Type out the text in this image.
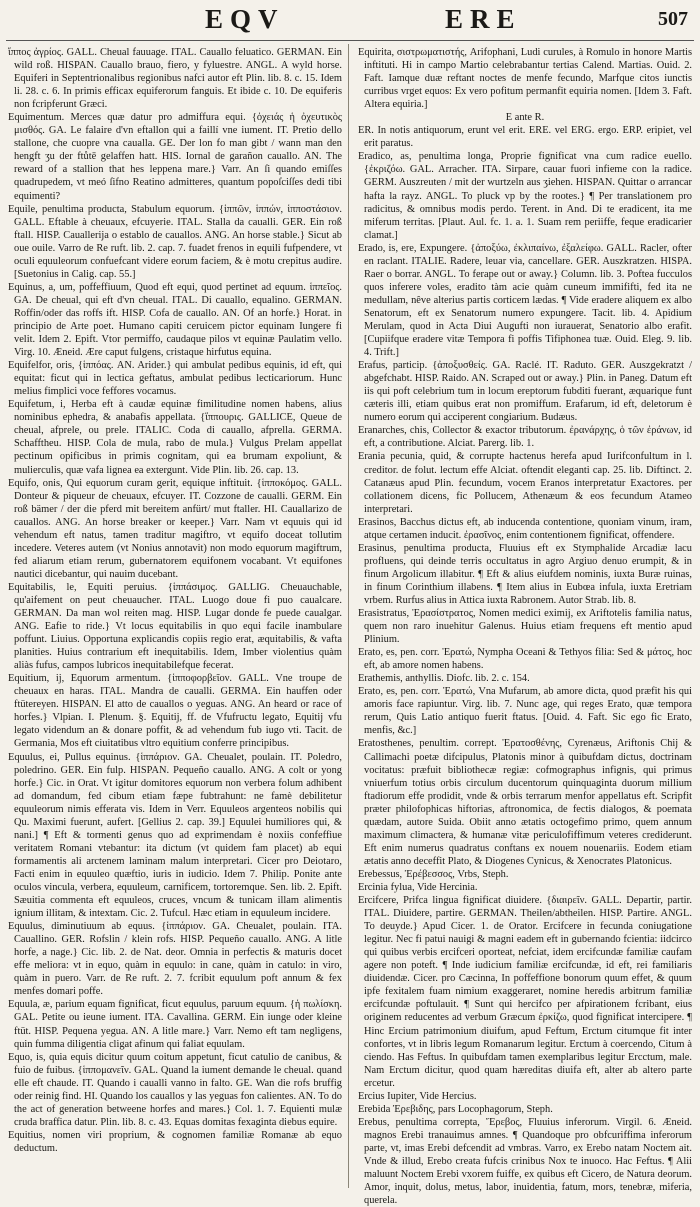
EQV	ERE	507

ἵππος ἀγρίος. GALL. Cheual fauuage. ITAL. Cauallo feluatico. GERMAN. Ein wild roß. HISPAN. Cauallo brauo, fiero, y fyluestre. ANGL. A wyld horse. Equiferi in Septentrionalibus regionibus nafci autor eft Plin. lib. 8. c. 15. Idem li. 28. c. 6. In primis efficax equiferorum fanguis. Et ibide c. 10. De equiferis non fcripferunt Græci.

Equimentum. Merces quæ datur pro admiffura equi. {ὀχειάς ἡ ὀχευτικὸς μισθός. GA. Le falaire d'vn eftallon qui a faillí vne iument. IT. Pretio dello stallone, che cuopre vna cauallа. GE. Der lon fo man gibt / wann man den hengft ʒu der ftůtē gelaffen hatt. HIS. Iornal de garañon cauallo. AN. The reward of a stallion that hes leppena mare.} Varr. An ſi quando emiſſes quadrupedem, vt meó ſifno Reatino admitteres, quantum popoſciſſes dedi tibi equimenti?

Equile, penultima producta, Stabulum equorum. {ἱππῶν, ἱππών, ἱπποστάσιον. GALL. Eftable à cheuaux, efcuyerie. ITAL. Stalla da caualli. GER. Ein roß ftall. HISP. Cauallerija o establo de cauallos. ANG. An horse stable.} Sicut ab oue ouile. Varro de Re ruft. lib. 2. cap. 7. fuadet frenos in equili fufpendere, vt oculi equuleorum confuefcant videre eorum faciem, & è motu crepitus audire. [Suetonius in Calig. cap. 55.]

Equinus, a, um, poffeffiuum, Quod eft equi, quod pertinet ad equum. ἱππεῖος. GA. De cheual, qui eft d'vn cheual. ITAL. Di cauallo, equalino. GERMAN. Roffin/oder das roffs ift. HISP. Cofa de cauallo. AN. Of an horfe.} Horat. in principio de Arte poet. Humano capiti ceruicem pictor equinam Iungere fi velit. Idem 2. Epift. Vtor permiffo, caudaque pilos vt equinæ Paulatim vello. Virg. 10. Æneid. Ære caput fulgens, cristaque hirfutus equina.

Equifelfor, oris, {ἱππόας. AN. Arider.} qui ambulat pedibus equinis, id eft, qui equitat: ficut qui in lectica geftatus, ambulat pedibus lecticariorum. Hunc melius fimplici voce feffores vocamus.

Equifetum, i, Herba eft à caudæ equinæ fimilitudine nomen habens, alius nominibus ephedra, & anabafis appellata. {ἵππουρις. GALLICE, Queue de cheual, afprele, ou prele. ITALIC. Coda di cauallo, afprella. GERMA. Schafftheu. HISP. Cola de mula, rabo de mula.} Vulgus Prelam appellat pectinum opificibus in primis cognitam, qui ea brumam expoliunt, & mulierculis, quæ vafa lignea ea extergunt. Vide Plin. lib. 26. cap. 13.

Equifo, onis, Qui equorum curam gerit, equique inftituit. {ἱπποκόμος. GALL. Donteur & piqueur de cheuaux, efcuyer. IT. Cozzone de caualli. GERM. Ein roß bämer / der die pferd mit bereitem anfürt/ mut ftaller. HI. Cauallarizo de cauallos. ANG. An horse breaker or keeper.} Varr. Nam vt equuis qui id vehendum eft natus, tamen traditur magiftro, vt equifo doceat tollutim incedere. Veteres autem (vt Nonius annotavit) non modo equorum magiftrum, fed aliarum etiam rerum, gubernatorem equifonem vocabant. Vt equifones nautici dicebantur, qui nauim ducebant.

Equitabilis, le, Equiti peruius. {ἱππάσιμος. GALLIG. Cheuauchable, qu'aifement on peut cheuaucher. ITAL. Luogo doue fi puo caualcare. GERMAN. Da man wol reiten mag. HISP. Lugar donde fe puede caualgar. ANG. Eafie to ride.} Vt locus equitabilis in quo equi facile inambulare poffunt. Liuius. Opportuna explicandis copiis regio erat, æquitabilis, & vafta planities. Huius contrarium eft inequitabilis. Idem, Imber violentius quàm aliàs fufus, campos lubricos inequitabilefque fecerat.

Equitium, ij, Equorum armentum. {ἱπποφορβεῖον. GALL. Vne troupe de cheuaux en haras. ITAL. Mandra de caualli. GERMA. Ein hauffen oder ftütereyen. HISPAN. El atto de cauallos o yeguas. ANG. An heard or race of horfes.} Vlpian. I. Plenum. §. Equitij, ff. de Vfufructu legato, Equitij vfu legato videndum an & donare poffit, & ad vehendum fub iugo vti. Tacit. de Germania, Mos eft ciuitatibus vltro equitium conferre principibus.

Equulus, ei, Pullus equinus. {ἱππάριον. GA. Cheualet, poulain. IT. Poledro, poledrino. GER. Ein fulp. HISPAN. Pequeño cauallo. ANG. A colt or yong horfe.} Cic. in Orat. Vt igitur domitores equorum non verbera folum adhibent ad domandum, fed cibum etiam fæpe fubtrahunt: ne famè debilitetur equuleorum nimis efferata vis. Idem in Verr. Equuleos argenteos nobilis qui Qu. Maximi fuerunt, aufert. [Gellius 2. cap. 39.] Equulei humiliores qui, & nani.] ¶ Eft & tormenti genus quo ad exprimendam è noxiis confeffiue veritatem Romani vtebantur: ita dictum (vt quidem fam placet) ab equi formamentis ali arctenem laminam malum interpretari. Cicer pro Deiotaro, Facti enim in equuleo quæftio, iuris in iudicio. Idem 7. Philip. Ponite ante oculos vincula, verbera, equuleum, carnificem, tortoremque. Sen. lib. 2. Epift. Sæuitia commenta eft equuleos, cruces, vncum & tunicam illam alimentis ignium illitam, & intextam. Cic. 2. Tufcul. Hæc etiam in equuleum incidere.

Equulus, diminutiuum ab equus. {ἱππάριον. GA. Cheualet, poulain. ITA. Cauallino. GER. Rofslin / klein rofs. HISP. Pequeño cauallo. ANG. A litle horfe, a nage.} Cic. lib. 2. de Nat. deor. Omnia in perfectis & maturis docet effe meliora: vt in equo, quàm in equulo: in cane, quàm in catulo: in viro, quàm in puero. Varr. de Re ruft. 2. 7. fcribit equulum poft annum & fex menfes domari poffe.

Equula, æ, parium equam fignificat, ficut equulus, paruum equum. {ἡ πωλίσκη. GAL. Petite ou ieune iument. ITA. Cavallina. GERM. Ein iunge oder kleine ftüt. HISP. Pequena yegua. AN. A litle mare.} Varr. Nemo eft tam negligens, quin fumma diligentia cligat afinum qui faliat equulam.

Equo, is, quia equis dicitur quum coitum appetunt, ficut catulio de canibus, & fuio de fuibus. {ἱππομανεῖν. GAL. Quand la iument demande le cheual. quand elle eft chaude. IT. Quando i caualli vanno in falto. GE. Wan die rofs bruffig oder reinig find. HI. Quando los cauallos y las yeguas fon calientes. AN. To do the act of generation betweene horfes and mares.} Col. 1. 7. Equienti mulæ cruda braffica datur. Plin. lib. 8. c. 43. Equas domitas fexaginta diebus equire.

Equitius, nomen viri proprium, & cognomen familiæ Romanæ ab equo deductum.

Equirita, σιστρωματιστής, Arifophani, Ludi curules, à Romulo in honore Martis inftituti. Hi in campo Martio celebrabantur tertias Calend. Martias. Ouid. 2. Faft. Iamque duæ reftant noctes de menfe fecundo, Marfque citos iunctis curribus vrget equos: Ex vero pofitum permanfit equiria nomen. [Idem 3. Faft. Altera equiria.]

E ante R.

ER. In notis antiquorum, erunt vel erit. ERE. vel ERG. ergo. ERP. eripiet, vel erit paratus.

Eradico, as, penultima longa, Proprie fignificat vna cum radice euellо. {ἐκριζόω. GAL. Arracher. ITA. Sirparе, cauar fuori infieme con la radice. GERM. Auszreuten / mit der wurtzeln aus ʒiehen. HISPAN. Quittar o arrancar hafta la rayz. ANGL. To pluck vp by the rootes.} ¶ Per translationem pro radicitus, & omnibus modis perdo. Terent. in And. Di te eradicent, ita me miferum territas. [Plaut. Aul. fc. 1. a. 1. Suam rem periiffe, feque eradicarier clamat.]

Erado, is, ere, Expungere. {ἀποξύω, ἐκλιπαίνω, ἐξαλείφω. GALL. Racler, ofter en raclant. ITALIE. Radere, leuar via, cancellare. GER. Auszkratzen. HISPA. Raer o borrar. ANGL. To ferape out or away.} Column. lib. 3. Poftea fucculos quos inferere voles, eradito tàm acie quàm cuneum immififti, fed ita ne medullam, nêve alterius partis corticem lædas. ¶ Vide eradere aliquem ex albo Senatorum, eft ex Senatorum numero expungere. Tacit. lib. 4. Apidium Merulam, quod in Acta Diui Augufti non iurauerat, Senatorio albo erafit. [Cupiifque eradere vitæ Tempora fi poffis Tifiphonea tuæ. Ouid. Eleg. 9. lib. 4. Trift.]

Erafus, particip. {ἀποξυσθείς. GA. Raclé. IT. Raduto. GER. Auszgekratzt / abgefchabt. HISP. Raido. AN. Scraped out or away.} Plin. in Paneg. Datum eft iis qui poft celebrium tum in locum ereptorum fubditi fuerant, æquarique funt cæteris illi, etiam quibus erat non promiffum. Erafarum, id eft, deletorum è numero eorum qui acciperent congiarium. Budæus.

Eranarches, chis, Collector & exactor tributorum. ἐρανάρχης, ὁ τῶν ἐράνων, id eft, a contributione. Alciat. Parerg. lib. 1.

Erania pecunia, quid, & corrupte hactenus herefa apud Iurifconfultum in l. creditor. de folut. lectum effe Alciat. oftendit eleganti cap. 25. lib. Diftinct. 2. Catanæus apud Plin. fecundum, vocem Eranos interpretatur Exactores. per collationem dicens, fic Pollucem, Athenæum & eos fecundum Atameo interpretari.

Erasinos, Bacchus dictus eft, ab inducenda contentione, quoniam vinum, iram, atque certamen inducit. ἐρασῖνος, enim contentionem fignificat, offendere.

Erasinus, penultima producta, Fluuius eft ex Stymphalide Arcadiæ lacu profluens, qui deinde terris occultatus in agro Argiuo denuo erumpit, & in finum Argolicum illabitur. ¶ Eft & alius eiufdem nominis, iuxta Buræ ruinas, in finum Corinthium illabens. ¶ Item alius in Eubœa infula, iuxta Eretriam vrbem. Rurfus alius in Attica iuxta Rabronem. Autor Strab. lib. 8.

Erasistratus, Ἐρασίστρατος, Nomen medici eximij, ex Ariftotelis familia natus, quem non raro inuehitur Galenus. Huius etiam frequens eft mentio apud Plinium.

Erato, es, pen. corr. Ἐρατώ, Nympha Oceani & Tethyos filia: Sed & μάτος, hoc eft, ab amore nomen habens.

Erathemis, anthyllis. Diofc. lib. 2. c. 154.

Erato, es, pen. corr. Ἐρατώ, Vna Mufarum, ab amore dicta, quod præfit his qui amoris face rapiuntur. Virg. lib. 7. Nunc age, qui reges Erato, quæ tempora rerum, Quis Latio antiquo fuerit ftatus. [Ouid. 4. Faft. Sic ego fic Erato, menfis, &c.]

Eratosthenes, penultim. corrept. Ἐρατοσθένης, Cyrenæus, Ariftonis Chij & Callimachi poetæ difcipulus, Platonis minor à quibufdam dictus, doctrinam vocitatus: præfuit bibliothecæ regiæ: cofmographus infignis, qui primus vniuerfum totius orbis circulum ducentorum quinquaginta duorum millium ftadiorum effe prodidit, vnde & orbis terrarum menfor appellatus eft. Scripfit præter philofophicas hiftorias, aftronomica, de fectis dialogos, & poemata quædam, autore Suida. Obiit anno ætatis octogefimo primo, quem annum maximum climactera, & humanæ vitæ periculofiffimum veteres crediderunt. Eft enim numerus quadratus conftans ex nouem nouenariis. Eodem etiam ætatis anno deceffit Plato, & Diogenes Cynicus, & Xenocrates Platonicus.

Erebessus, Ἐρέβεσσος, Vrbs, Steph.

Ercinia fylua, Vide Hercinia.

Ercifcere, Prifca lingua fignificat diuidere. {διαιρεῖν. GALL. Departir, partir. ITAL. Diuidere, partire. GERMAN. Theilen/abtheilen. HISP. Partire. ANGL. To deuyde.} Apud Cicer. 1. de Orator. Ercifcere in fecunda coniugatione legitur. Nec fi patui nauigi & magni eadem eft in gubernando fcientia: iidcirco qui quibus verbis ercifceri oporteat, nefciat, idem ercifcundæ familiæ caufam agere non poteft. ¶ Inde iudicium familiæ ercifcundæ, id eft, rei familiaris diuidendæ. Cicer. pro Cæcinna, In poffeffione bonorum quum effet, & quum ipfe fexitalem fuam nimium exaggeraret, nomine heredis arbitrum familiæ ercifcundæ poftulauit. ¶ Sunt qui hercifco per afpirationem fcribant, eius originem reducentes ad verbum Græcum ἐρκίζω, quod fignificat intercipere. ¶ Hinc Ercium patrimonium diuifum, apud Feftum, Erctum citumque fit inter confortes, vt in libris legum Romanarum legitur. Erctum à coercendo, Citum à ciendo. Has Feftus. In quibufdam tamen exemplaribus legitur Ercctum, male. Nam Erctum dicitur, quod quam hæreditas diuifa eft, alter ab altero parte ercetur.

Ercius Iupiter, Vide Hercius.

Erebida Ἐρεβιδης, pars Locophagorum, Steph.

Erebus, penultima correpta, Ἔρεβος, Fluuius inferorum. Virgil. 6. Æneid. magnos Erebi tranauimus amnes. ¶ Quandoque pro obfcuriffima inferorum parte, vt, imas Erebi defcendit ad vmbras. Varro, ex Erebo natam Noctem ait. Vnde & illud, Erebo creata fufcis crinibus Nox te inuoco. Hac Feftus. ¶ Alii maluunt Noctem Erebi vxorem fuiffe, ex quibus eft Cicero, de Natura deorum. Amor, inquit, dolus, metus, labor, inuidentia, fatum, mors, tenebræ, miferia, querela.
